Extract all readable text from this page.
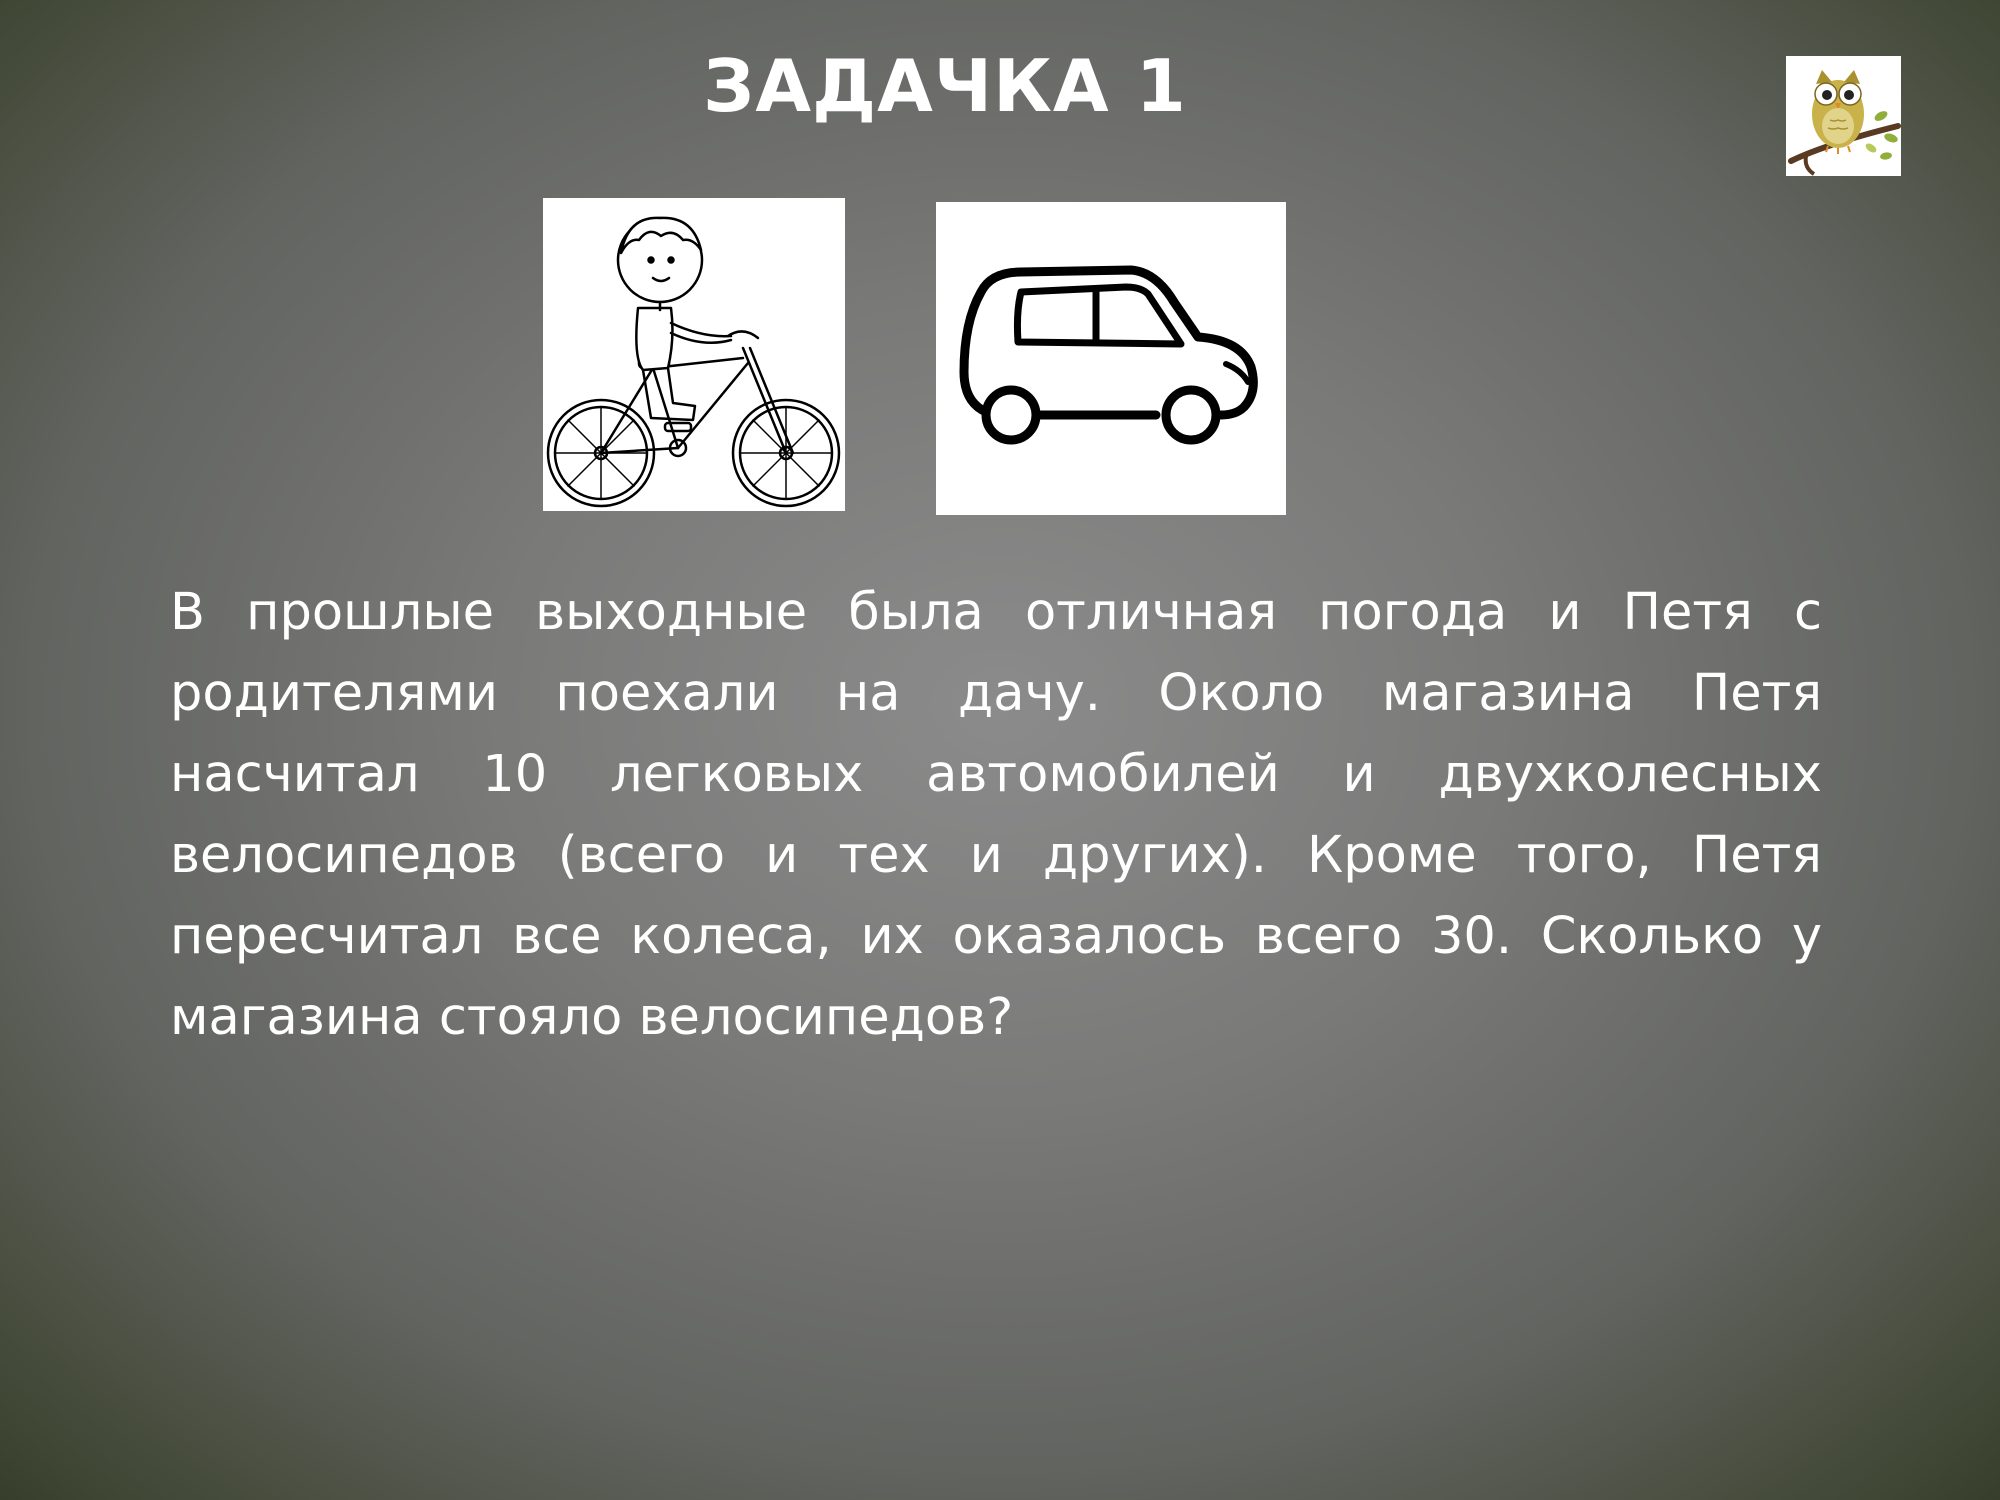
ЗАДАЧКА 1

В прошлые выходные была отличная погода и Петя с родителями поехали на дачу. Около магазина Петя насчитал 10 легковых автомобилей и двухколесных велосипедов (всего и тех и других). Кроме того, Петя пересчитал все колеса, их оказалось всего 30. Сколько у магазина стояло велосипедов?
